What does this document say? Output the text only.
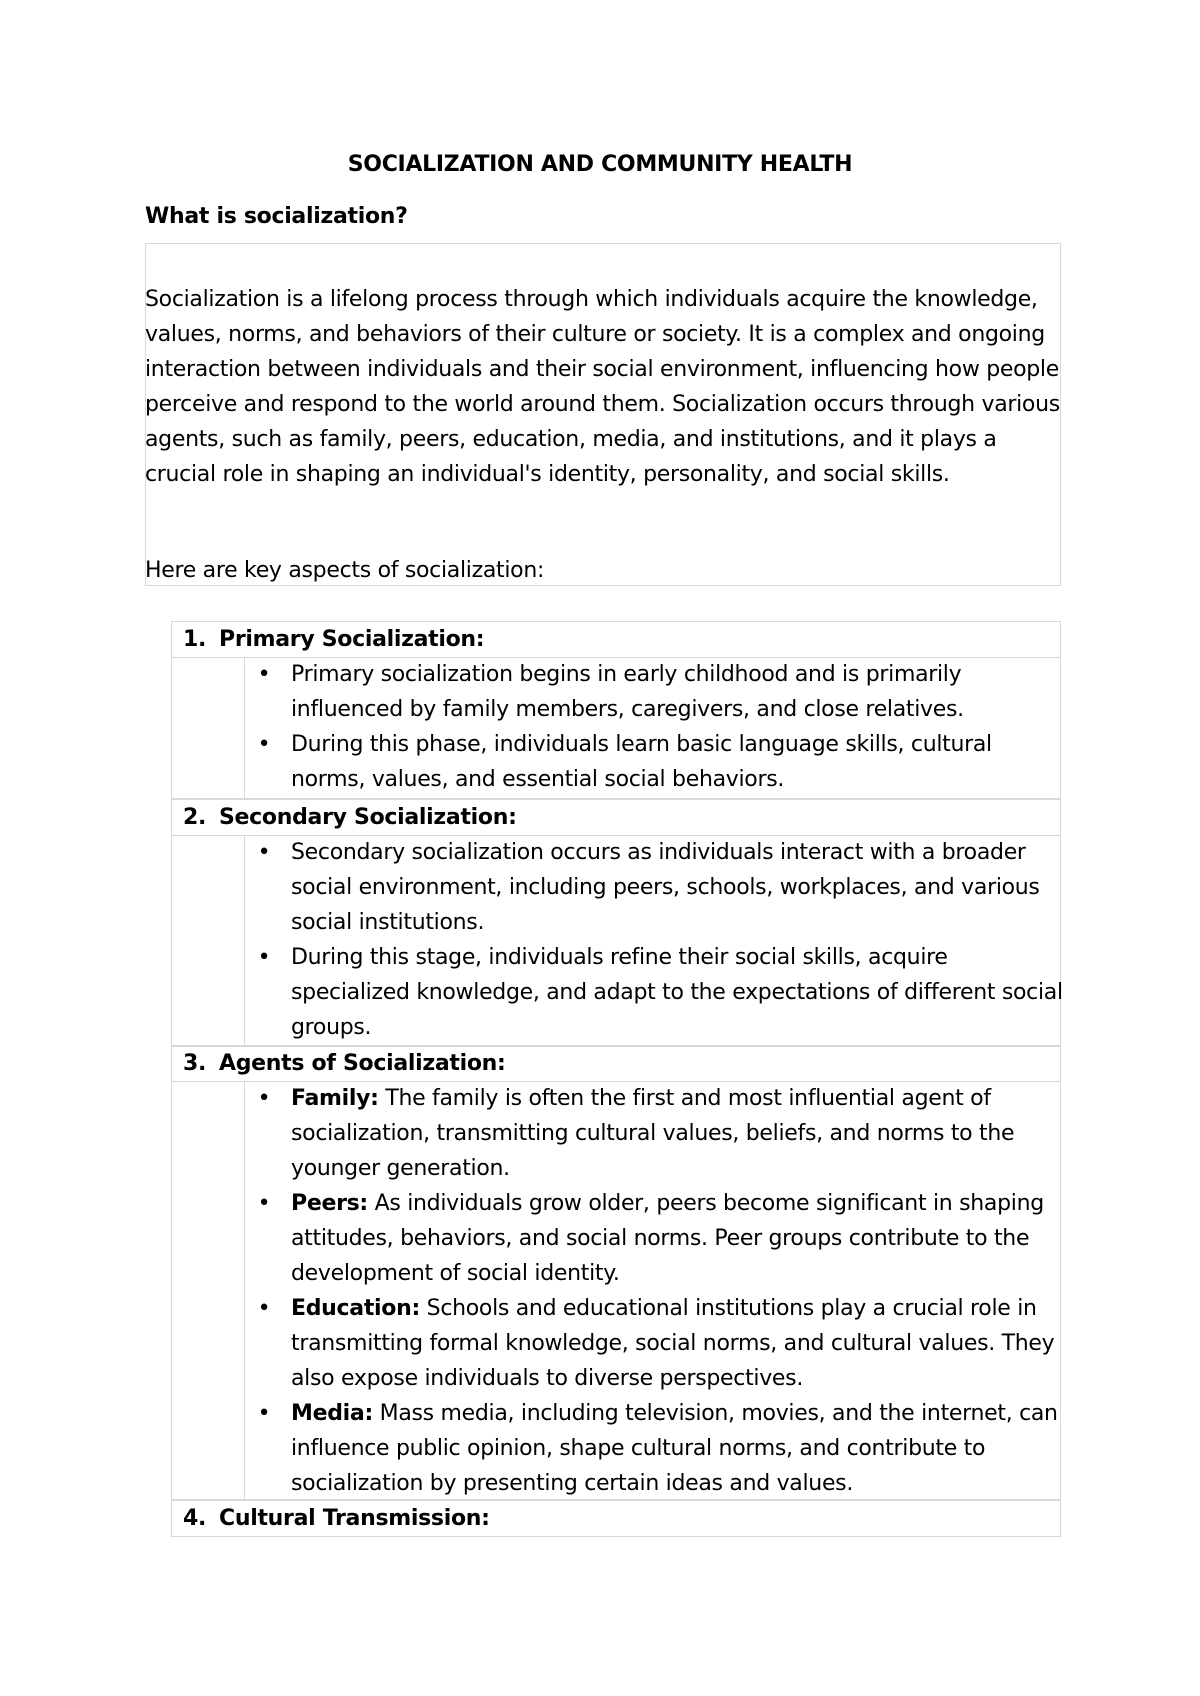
SOCIALIZATION AND COMMUNITY HEALTH
What is socialization?
Socialization is a lifelong process through which individuals acquire the knowledge, values, norms, and behaviors of their culture or society. It is a complex and ongoing interaction between individuals and their social environment, influencing how people perceive and respond to the world around them. Socialization occurs through various agents, such as family, peers, education, media, and institutions, and it plays a crucial role in shaping an individual's identity, personality, and social skills.
Here are key aspects of socialization:
1. Primary Socialization:
• Primary socialization begins in early childhood and is primarily influenced by family members, caregivers, and close relatives.
• During this phase, individuals learn basic language skills, cultural norms, values, and essential social behaviors.
2. Secondary Socialization:
• Secondary socialization occurs as individuals interact with a broader social environment, including peers, schools, workplaces, and various social institutions.
• During this stage, individuals refine their social skills, acquire specialized knowledge, and adapt to the expectations of different social groups.
3. Agents of Socialization:
• Family: The family is often the first and most influential agent of socialization, transmitting cultural values, beliefs, and norms to the younger generation.
• Peers: As individuals grow older, peers become significant in shaping attitudes, behaviors, and social norms. Peer groups contribute to the development of social identity.
• Education: Schools and educational institutions play a crucial role in transmitting formal knowledge, social norms, and cultural values. They also expose individuals to diverse perspectives.
• Media: Mass media, including television, movies, and the internet, can influence public opinion, shape cultural norms, and contribute to socialization by presenting certain ideas and values.
4. Cultural Transmission:
